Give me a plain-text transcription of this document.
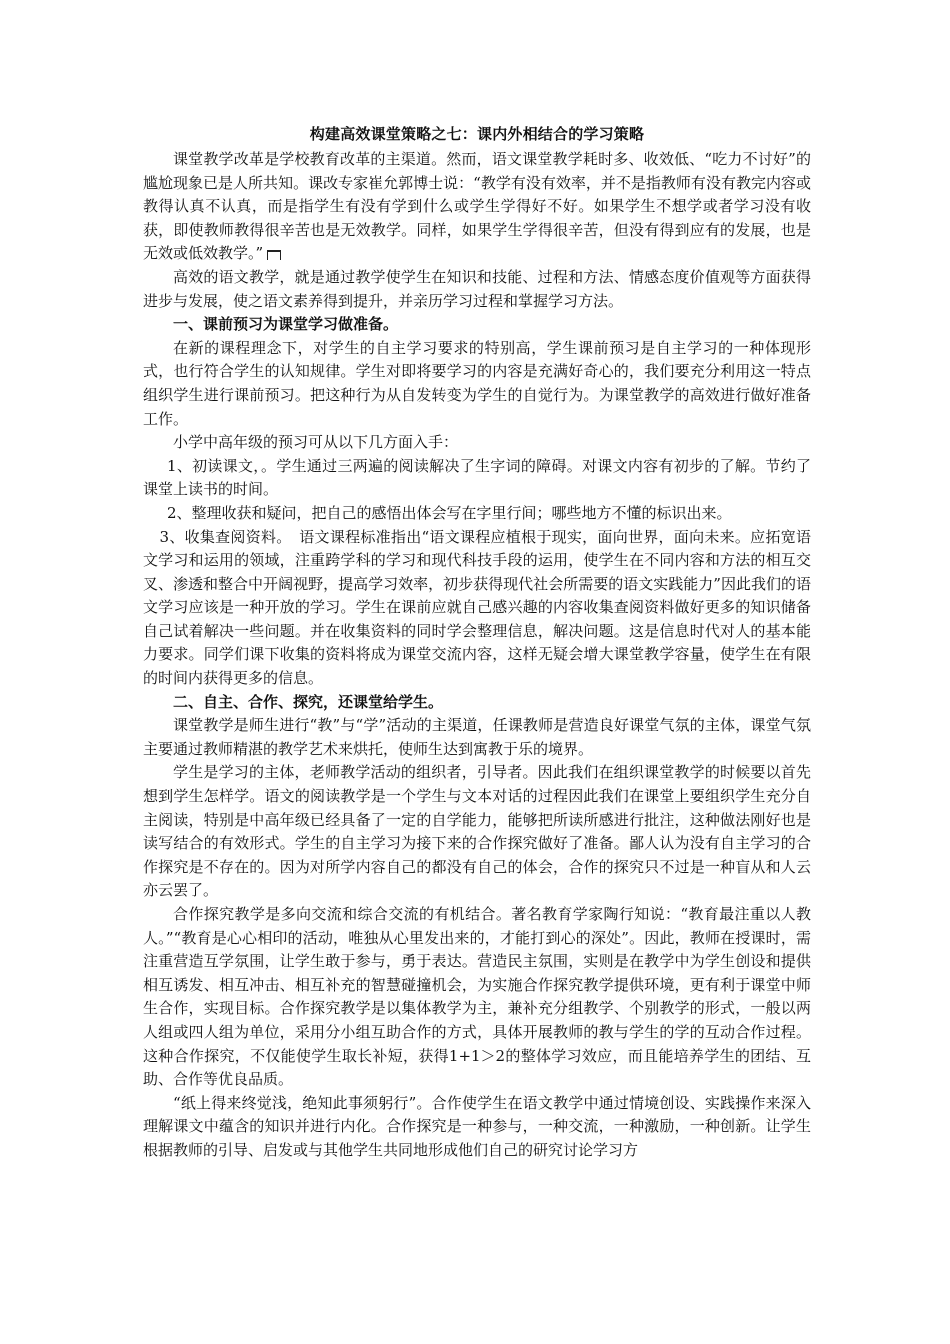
构建高效课堂策略之七：课内外相结合的学习策略

课堂教学改革是学校教育改革的主渠道。然而，语文课堂教学耗时多、收效低、“吃力不讨好”的尴尬现象已是人所共知。课改专家崔允郭博士说：“教学有没有效率，并不是指教师有没有教完内容或教得认真不认真，而是指学生有没有学到什么或学生学得好不好。如果学生不想学或者学习没有收获，即使教师教得很辛苦也是无效教学。同样，如果学生学得很辛苦，但没有得到应有的发展，也是无效或低效教学。”

高效的语文教学，就是通过教学使学生在知识和技能、过程和方法、情感态度价值观等方面获得进步与发展，使之语文素养得到提升，并亲历学习过程和掌握学习方法。

一、课前预习为课堂学习做准备。

在新的课程理念下，对学生的自主学习要求的特别高，学生课前预习是自主学习的一种体现形式，也行符合学生的认知规律。学生对即将要学习的内容是充满好奇心的，我们要充分利用这一特点组织学生进行课前预习。把这种行为从自发转变为学生的自觉行为。为课堂教学的高效进行做好准备工作。

小学中高年级的预习可从以下几方面入手：

1、初读课文，。学生通过三两遍的阅读解决了生字词的障碍。对课文内容有初步的了解。节约了课堂上读书的时间。

2、整理收获和疑问，把自己的感悟出体会写在字里行间；哪些地方不懂的标识出来。

3、收集查阅资料。　语文课程标准指出“语文课程应植根于现实，面向世界，面向未来。应拓宽语文学习和运用的领域，注重跨学科的学习和现代科技手段的运用，使学生在不同内容和方法的相互交叉、渗透和整合中开阔视野，提高学习效率，初步获得现代社会所需要的语文实践能力”因此我们的语文学习应该是一种开放的学习。学生在课前应就自己感兴趣的内容收集查阅资料做好更多的知识储备自己试着解决一些问题。并在收集资料的同时学会整理信息，解决问题。这是信息时代对人的基本能力要求。同学们课下收集的资料将成为课堂交流内容，这样无疑会增大课堂教学容量，使学生在有限的时间内获得更多的信息。

二、自主、合作、探究，还课堂给学生。

课堂教学是师生进行“教”与“学”活动的主渠道，任课教师是营造良好课堂气氛的主体，课堂气氛主要通过教师精湛的教学艺术来烘托，使师生达到寓教于乐的境界。

学生是学习的主体，老师教学活动的组织者，引导者。因此我们在组织课堂教学的时候要以首先想到学生怎样学。语文的阅读教学是一个学生与文本对话的过程因此我们在课堂上要组织学生充分自主阅读，特别是中高年级已经具备了一定的自学能力，能够把所读所感进行批注，这种做法刚好也是读写结合的有效形式。学生的自主学习为接下来的合作探究做好了准备。鄙人认为没有自主学习的合作探究是不存在的。因为对所学内容自己的都没有自己的体会，合作的探究只不过是一种盲从和人云亦云罢了。

合作探究教学是多向交流和综合交流的有机结合。著名教育学家陶行知说：“教育最注重以人教人。”“教育是心心相印的活动，唯独从心里发出来的，才能打到心的深处”。因此，教师在授课时，需注重营造互学氛围，让学生敢于参与，勇于表达。营造民主氛围，实则是在教学中为学生创设和提供相互诱发、相互冲击、相互补充的智慧碰撞机会，为实施合作探究教学提供环境，更有利于课堂中师生合作，实现目标。合作探究教学是以集体教学为主，兼补充分组教学、个别教学的形式，一般以两人组或四人组为单位，采用分小组互助合作的方式，具体开展教师的教与学生的学的互动合作过程。这种合作探究，不仅能使学生取长补短，获得1+1＞2的整体学习效应，而且能培养学生的团结、互助、合作等优良品质。

“纸上得来终觉浅，绝知此事须躬行”。合作使学生在语文教学中通过情境创设、实践操作来深入理解课文中蕴含的知识并进行内化。合作探究是一种参与，一种交流，一种激励，一种创新。让学生根据教师的引导、启发或与其他学生共同地形成他们自己的研究讨论学习方
